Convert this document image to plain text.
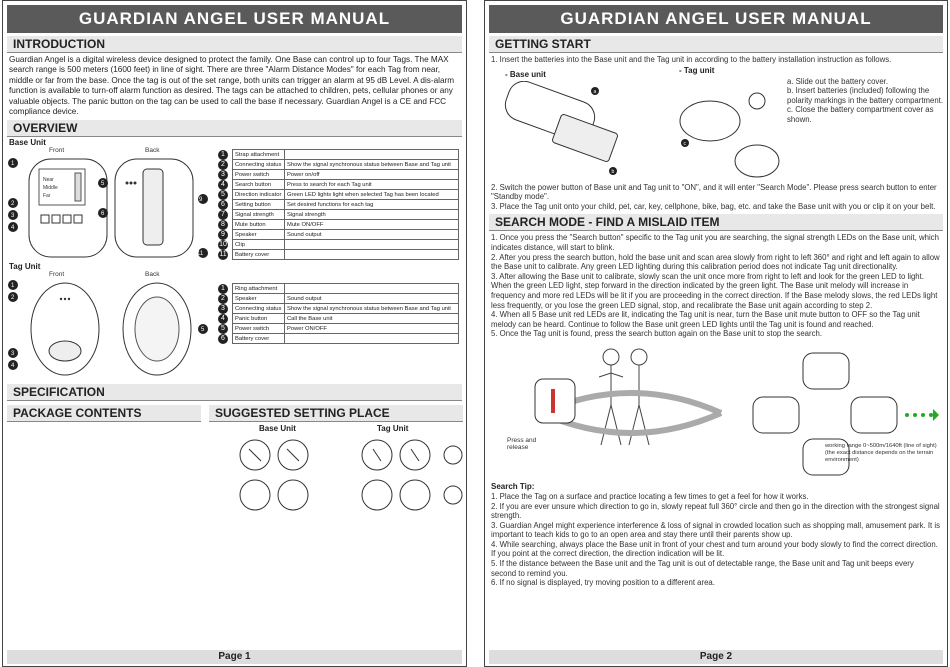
GUARDIAN ANGEL USER MANUAL
INTRODUCTION
Guardian Angel is a digital wireless device designed to protect the family. One Base can control up to four Tags. The MAX search range is 500 meters (1600 feet) in line of sight. There are three "Alarm Distance Modes" for each Tag from near, middle or far from the base. Once the tag is out of the set range, both units can trigger an alarm at 95 dB Level. A dis-alarm function is available to turn-off alarm function as desired. The tags can be attached to children, pets, cellular phones or any valuable objects. The panic button on the tag can be used to call the base if necessary. Guardian Angel is a CE and FCC compliance device.
OVERVIEW
Base Unit
Front	Back
Near
Middle
Far
1
2
3
4
5
6
9
11
1	Strap attachment	
2	Connecting status	Show the signal synchronous status between Base and Tag unit
3	Power switch	Power on/off
4	Search button	Press to search for each Tag unit
5	Direction indicator	Green LED lights light when selected Tag has been located
6	Setting button	Set desired functions for each tag
7	Signal strength	Signal strength
8	Mute button	Mute ON/OFF
9	Speaker	Sound output
10	Clip	
11	Battery cover	
Tag Unit
Front	Back
1
2
3
4
5
1	Ring attachment	
2	Speaker	Sound output
3	Connecting status	Show the signal synchronous status between Base and Tag unit
4	Panic button	Call the Base unit
5	Power switch	Power ON/OFF
6	Battery cover	
SPECIFICATION
PACKAGE CONTENTS	SUGGESTED SETTING PLACE
Base Unit	Tag Unit
Page 1
GUARDIAN ANGEL USER MANUAL
GETTING START
1. Insert the batteries into the Base unit and the Tag unit in according to the battery installation instruction as follows.
- Base unit	- Tag unit
a
b
c
a. Slide out the battery cover.
b. Insert batteries (included) following the polarity markings in the battery compartment.
c. Close the battery compartment cover as shown.
2. Switch the power button of Base unit and Tag unit to "ON", and it will enter "Search Mode". Please press search button to enter "Standby mode".
3. Place the Tag unit onto your child, pet, car, key, cellphone, bike, bag, etc. and take the Base unit with you or clip it on your belt.
SEARCH MODE - FIND A MISLAID ITEM
1. Once you press the "Search button" specific to the Tag unit you are searching, the signal strength LEDs on the Base unit, which indicates distance, will start to blink.
2. After you press the search button, hold the base unit and scan area slowly from right to left 360° and right and left again to allow the Base unit to calibrate. Any green LED lighting during this calibration period does not indicate Tag unit directionality.
3. After allowing the Base unit to calibrate, slowly scan the unit once more from right to left and look for the green LED to light. When the green LED light, step forward in the direction indicated by the green light. The Base unit melody will increase in frequency and more red LEDs will be lit if you are proceeding in the correct direction. If the Base melody slows, the red LEDs light less frequently, or you lose the green LED signal, stop, and recalibrate the Base unit again according to step 2.
4. When all 5 Base unit red LEDs are lit, indicating the Tag unit is near, turn the Base unit mute button to OFF so the Tag unit melody can be heard. Continue to follow the Base unit green LED lights until the Tag unit is found and reached.
5. Once the Tag unit is found, press the search button again on the Base unit to stop the search.
Press and release	working range 0~500m/1640ft (line of sight) (the exact distance depends on the terrain environment)
Search Tip:
1. Place the Tag on a surface and practice locating a few times to get a feel for how it works.
2. If you are ever unsure which direction to go in, slowly repeat full 360° circle and then go in the direction with the strongest signal strength.
3. Guardian Angel might experience interference & loss of signal in crowded location such as shopping mall, amusement park. It is important to teach kids to go to an open area and stay there until their parents show up.
4. While searching, always place the Base unit in front of your chest and turn around your body slowly to find the correct direction. If you point at the correct direction, the direction indication will be lit.
5. If the distance between the Base unit and the Tag unit is out of detectable range, the Base unit and Tag unit beeps every second to remind you.
6. If no signal is displayed, try moving position to a different area.
Page 2
